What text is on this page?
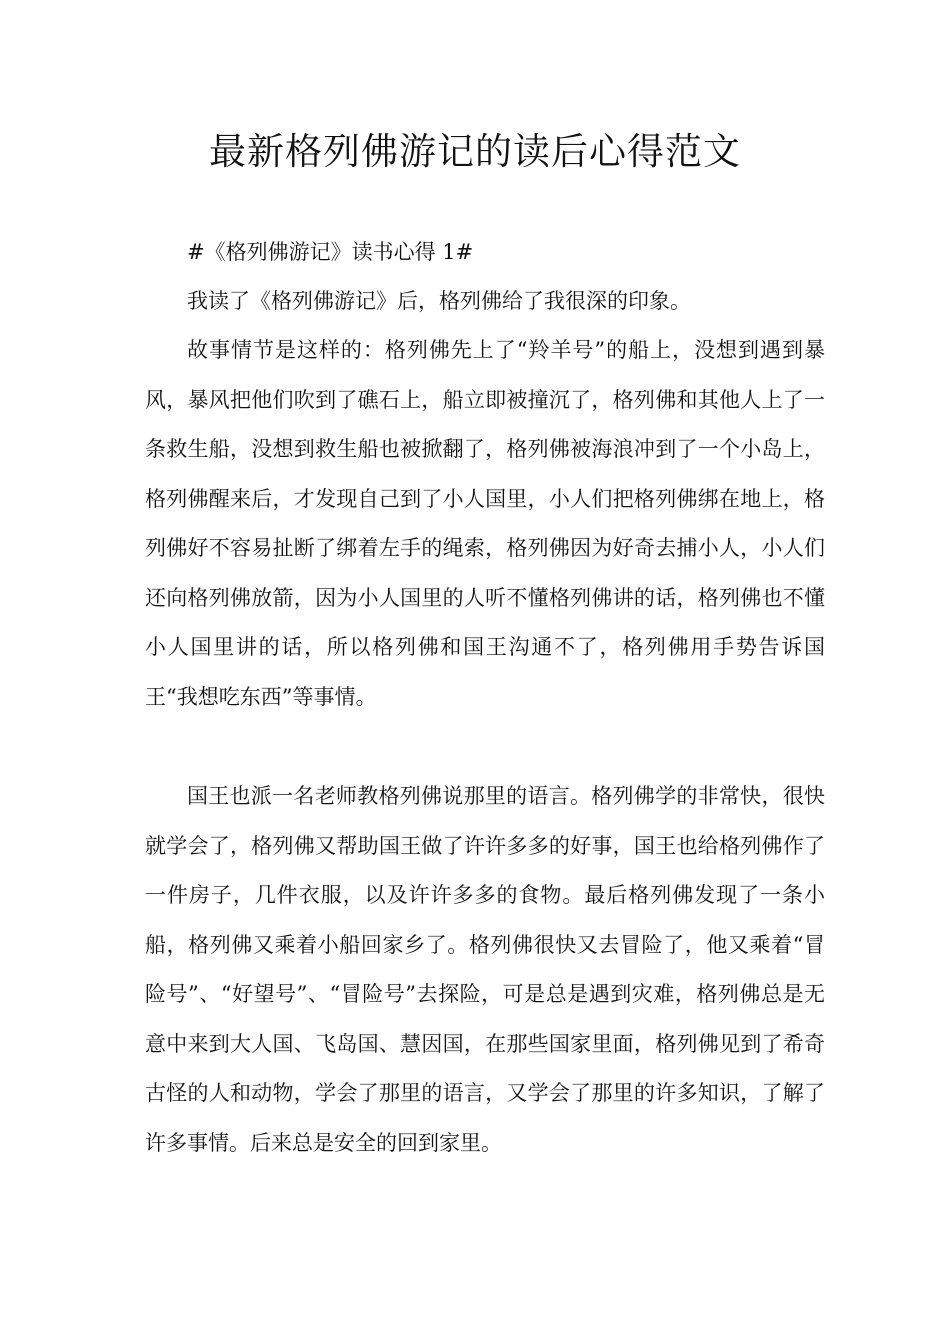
最新格列佛游记的读后心得范文

#《格列佛游记》读书心得 1#

我读了《格列佛游记》后，格列佛给了我很深的印象。

故事情节是这样的：格列佛先上了“羚羊号”的船上，没想到遇到暴风，暴风把他们吹到了礁石上，船立即被撞沉了，格列佛和其他人上了一条救生船，没想到救生船也被掀翻了，格列佛被海浪冲到了一个小岛上，格列佛醒来后，才发现自己到了小人国里，小人们把格列佛绑在地上，格列佛好不容易扯断了绑着左手的绳索，格列佛因为好奇去捕小人，小人们还向格列佛放箭，因为小人国里的人听不懂格列佛讲的话，格列佛也不懂小人国里讲的话，所以格列佛和国王沟通不了，格列佛用手势告诉国王“我想吃东西”等事情。

国王也派一名老师教格列佛说那里的语言。格列佛学的非常快，很快就学会了，格列佛又帮助国王做了许许多多的好事，国王也给格列佛作了一件房子，几件衣服，以及许许多多的食物。最后格列佛发现了一条小船，格列佛又乘着小船回家乡了。格列佛很快又去冒险了，他又乘着“冒险号”、“好望号”、“冒险号”去探险，可是总是遇到灾难，格列佛总是无意中来到大人国、飞岛国、慧因国，在那些国家里面，格列佛见到了希奇古怪的人和动物，学会了那里的语言，又学会了那里的许多知识，了解了许多事情。后来总是安全的回到家里。
